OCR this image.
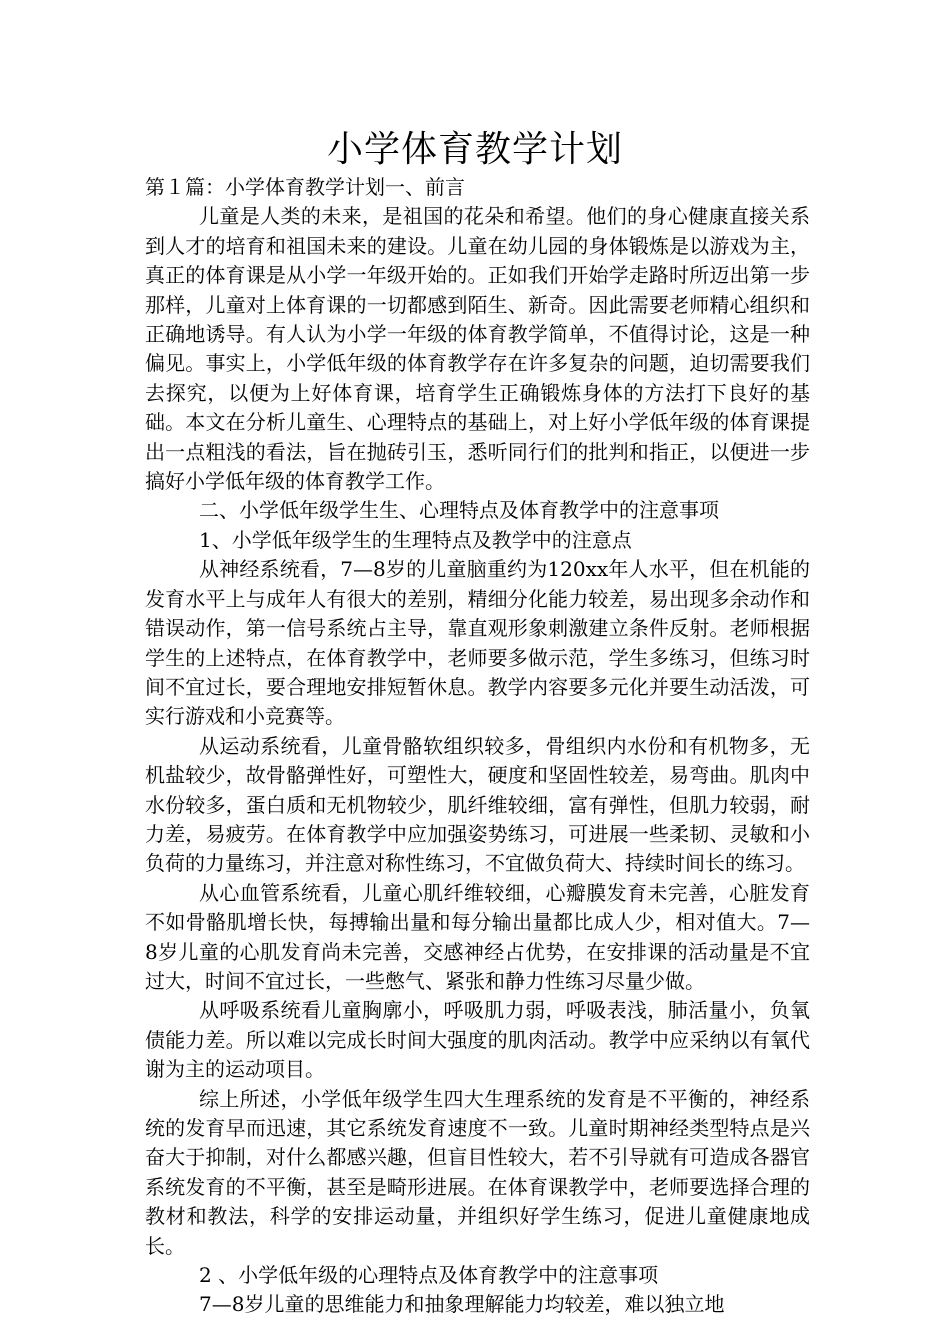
小学体育教学计划

第１篇：小学体育教学计划一、前言

儿童是人类的未来，是祖国的花朵和希望。他们的身心健康直接关系到人才的培育和祖国未来的建设。儿童在幼儿园的身体锻炼是以游戏为主，真正的体育课是从小学一年级开始的。正如我们开始学走路时所迈出第一步那样，儿童对上体育课的一切都感到陌生、新奇。因此需要老师精心组织和正确地诱导。有人认为小学一年级的体育教学简单，不值得讨论，这是一种偏见。事实上，小学低年级的体育教学存在许多复杂的问题，迫切需要我们去探究，以便为上好体育课，培育学生正确锻炼身体的方法打下良好的基础。本文在分析儿童生、心理特点的基础上，对上好小学低年级的体育课提出一点粗浅的看法，旨在抛砖引玉，悉听同行们的批判和指正，以便进一步搞好小学低年级的体育教学工作。

二、小学低年级学生生、心理特点及体育教学中的注意事项

1、小学低年级学生的生理特点及教学中的注意点

从神经系统看，7—8岁的儿童脑重约为120xx年人水平，但在机能的发育水平上与成年人有很大的差别，精细分化能力较差，易出现多余动作和错误动作，第一信号系统占主导，靠直观形象刺激建立条件反射。老师根据学生的上述特点，在体育教学中，老师要多做示范，学生多练习，但练习时间不宜过长，要合理地安排短暂休息。教学内容要多元化并要生动活泼，可实行游戏和小竞赛等。

从运动系统看，儿童骨骼软组织较多，骨组织内水份和有机物多，无机盐较少，故骨骼弹性好，可塑性大，硬度和坚固性较差，易弯曲。肌肉中水份较多，蛋白质和无机物较少，肌纤维较细，富有弹性，但肌力较弱，耐力差，易疲劳。在体育教学中应加强姿势练习，可进展一些柔韧、灵敏和小负荷的力量练习，并注意对称性练习，不宜做负荷大、持续时间长的练习。

从心血管系统看，儿童心肌纤维较细，心瓣膜发育未完善，心脏发育不如骨骼肌增长快，每搏输出量和每分输出量都比成人少，相对值大。7—8岁儿童的心肌发育尚未完善，交感神经占优势，在安排课的活动量是不宜过大，时间不宜过长，一些憋气、紧张和静力性练习尽量少做。

从呼吸系统看儿童胸廓小，呼吸肌力弱，呼吸表浅，肺活量小，负氧债能力差。所以难以完成长时间大强度的肌肉活动。教学中应采纳以有氧代谢为主的运动项目。

综上所述，小学低年级学生四大生理系统的发育是不平衡的，神经系统的发育早而迅速，其它系统发育速度不一致。儿童时期神经类型特点是兴奋大于抑制，对什么都感兴趣，但盲目性较大，若不引导就有可造成各器官系统发育的不平衡，甚至是畸形进展。在体育课教学中，老师要选择合理的教材和教法，科学的安排运动量，并组织好学生练习，促进儿童健康地成长。

2 、小学低年级的心理特点及体育教学中的注意事项

7—8岁儿童的思维能力和抽象理解能力均较差，难以独立地
